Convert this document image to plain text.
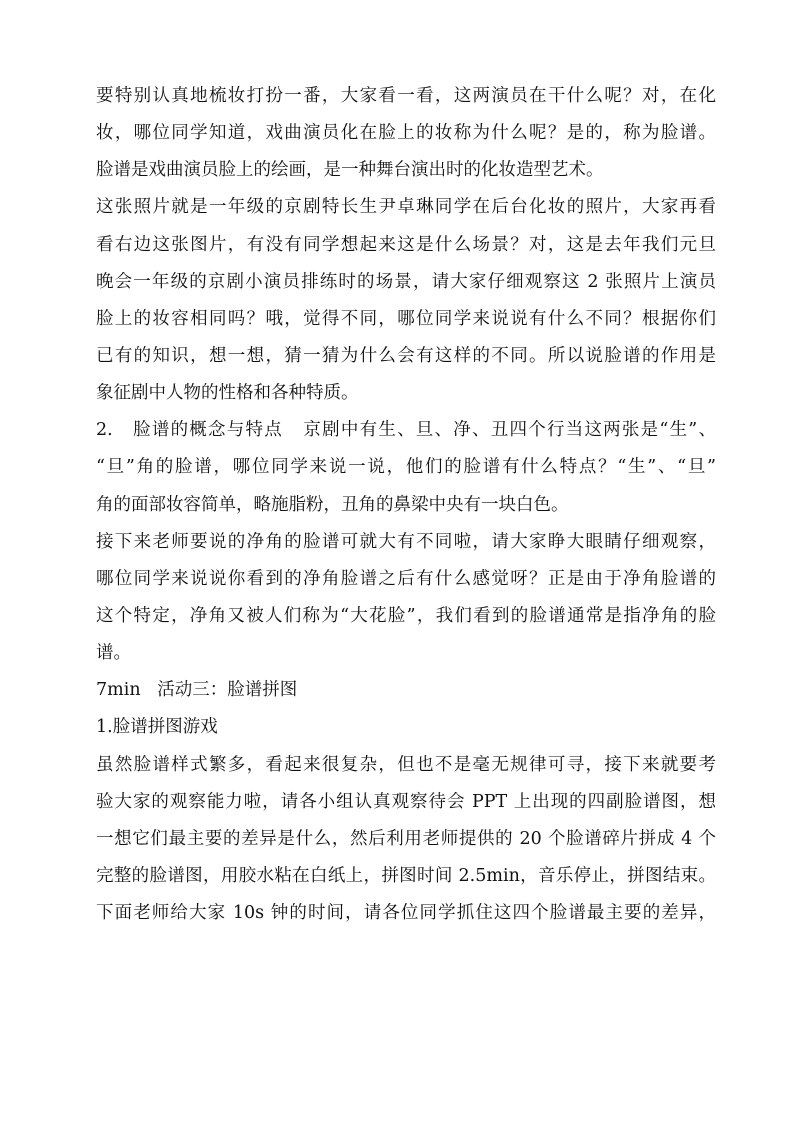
要特别认真地梳妆打扮一番，大家看一看，这两演员在干什么呢？对，在化
妆，哪位同学知道，戏曲演员化在脸上的妆称为什么呢？是的，称为脸谱。
脸谱是戏曲演员脸上的绘画，是一种舞台演出时的化妆造型艺术。
这张照片就是一年级的京剧特长生尹卓琳同学在后台化妆的照片，大家再看
看右边这张图片，有没有同学想起来这是什么场景？对，这是去年我们元旦
晚会一年级的京剧小演员排练时的场景，请大家仔细观察这 2 张照片上演员
脸上的妆容相同吗？哦，觉得不同，哪位同学来说说有什么不同？根据你们
已有的知识，想一想，猜一猜为什么会有这样的不同。所以说脸谱的作用是
象征剧中人物的性格和各种特质。
2.   脸谱的概念与特点   京剧中有生、旦、净、丑四个行当这两张是“生”、
“旦”角的脸谱，哪位同学来说一说，他们的脸谱有什么特点？“生”、“旦”
角的面部妆容简单，略施脂粉，丑角的鼻梁中央有一块白色。
接下来老师要说的净角的脸谱可就大有不同啦，请大家睁大眼睛仔细观察，
哪位同学来说说你看到的净角脸谱之后有什么感觉呀？正是由于净角脸谱的
这个特定，净角又被人们称为“大花脸”，我们看到的脸谱通常是指净角的脸
谱。
7min   活动三：脸谱拼图
1.脸谱拼图游戏
虽然脸谱样式繁多，看起来很复杂，但也不是毫无规律可寻，接下来就要考
验大家的观察能力啦，请各小组认真观察待会 PPT 上出现的四副脸谱图，想
一想它们最主要的差异是什么，然后利用老师提供的 20 个脸谱碎片拼成 4 个
完整的脸谱图，用胶水粘在白纸上，拼图时间 2.5min，音乐停止，拼图结束。
下面老师给大家 10s 钟的时间，请各位同学抓住这四个脸谱最主要的差异，
